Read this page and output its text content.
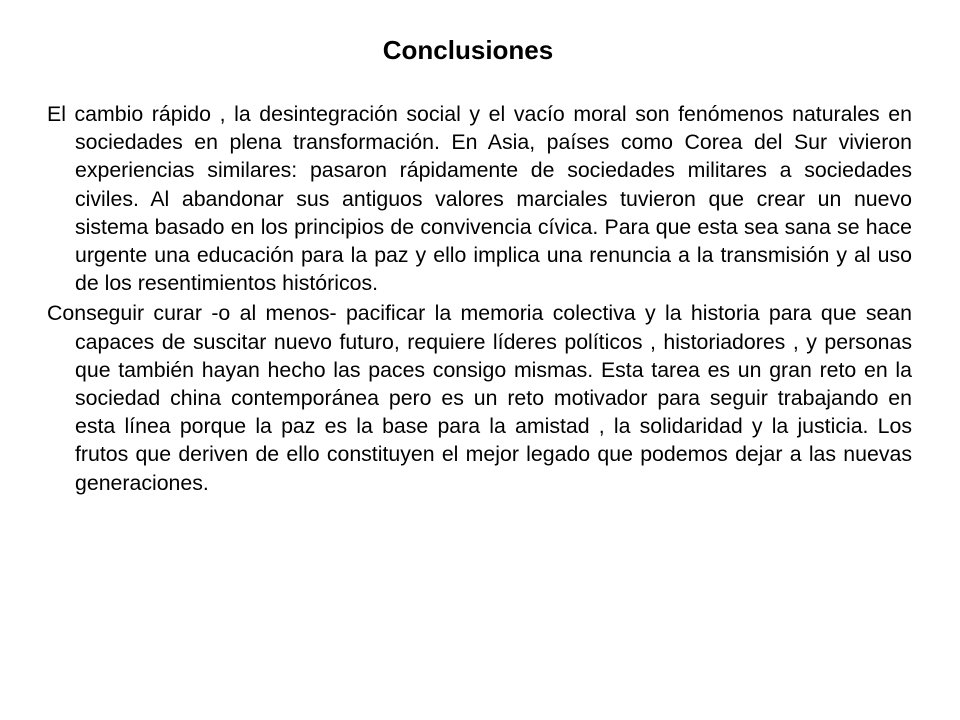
Conclusiones

El cambio rápido , la desintegración social y el vacío moral son fenómenos naturales en sociedades en plena transformación. En Asia, países como Corea del Sur vivieron experiencias similares: pasaron rápidamente de sociedades militares a sociedades civiles. Al abandonar sus antiguos valores marciales tuvieron que crear un nuevo sistema basado en los principios de convivencia cívica. Para que esta sea sana se hace urgente una educación para la paz y ello implica una renuncia a la transmisión y al uso de los resentimientos históricos.

Conseguir curar -o al menos- pacificar la memoria colectiva y la historia para que sean capaces de suscitar nuevo futuro, requiere líderes políticos , historiadores , y personas que también hayan hecho las paces consigo mismas. Esta tarea es un gran reto en la sociedad china contemporánea pero es un reto motivador para seguir trabajando en esta línea porque la paz es la base para la amistad , la solidaridad y la justicia. Los frutos que deriven de ello constituyen el mejor legado que podemos dejar a las nuevas generaciones.
